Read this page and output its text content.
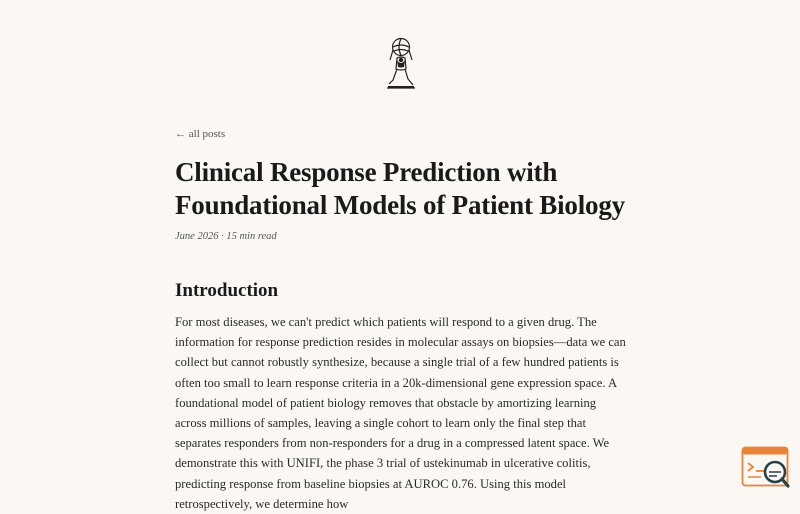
← all posts
Clinical Response Prediction with Foundational Models of Patient Biology
June 2026 · 15 min read
Introduction

For most diseases, we can't predict which patients will respond to a given drug. The information for response prediction resides in molecular assays on biopsies—data we can collect but cannot robustly synthesize, because a single trial of a few hundred patients is often too small to learn response criteria in a 20k-dimensional gene expression space. A foundational model of patient biology removes that obstacle by amortizing learning across millions of samples, leaving a single cohort to learn only the final step that separates responders from non-responders for a drug in a compressed latent space. We demonstrate this with UNIFI, the phase 3 trial of ustekinumab in ulcerative colitis, predicting response from baseline biopsies at AUROC 0.76. Using this model retrospectively, we determine how
